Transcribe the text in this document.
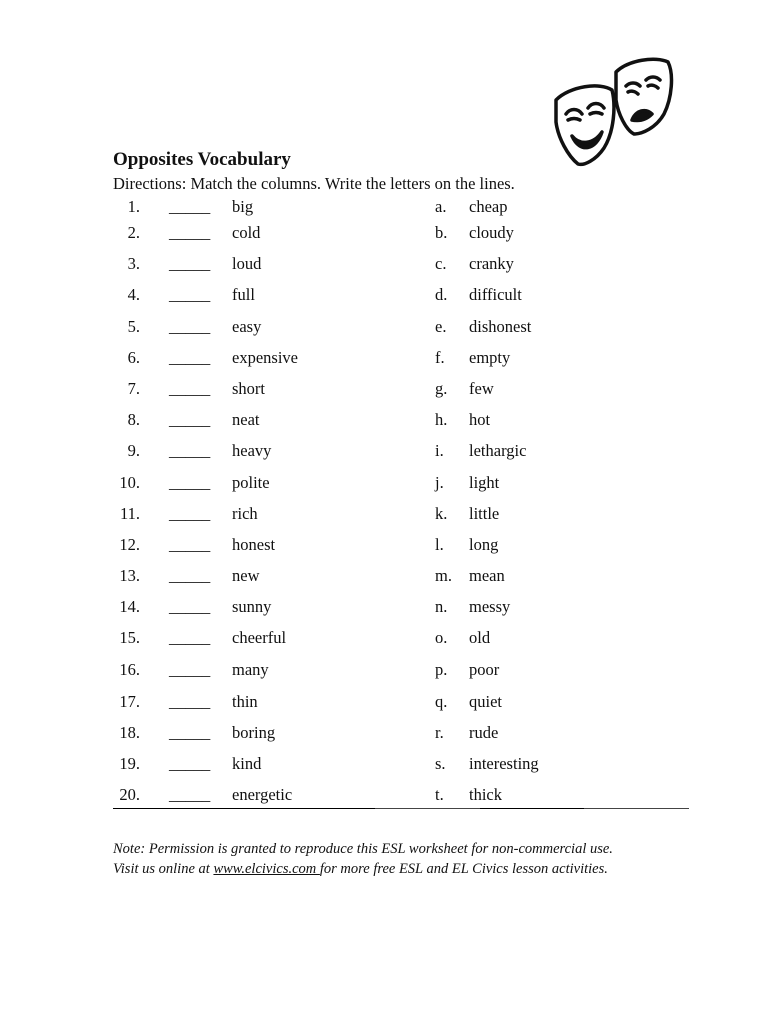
Opposites Vocabulary

Directions: Match the columns. Write the letters on the lines.

1. _____ big	a. cheap
2. _____ cold	b. cloudy
3. _____ loud	c. cranky
4. _____ full	d. difficult
5. _____ easy	e. dishonest
6. _____ expensive	f. empty
7. _____ short	g. few
8. _____ neat	h. hot
9. _____ heavy	i. lethargic
10. _____ polite	j. light
11. _____ rich	k. little
12. _____ honest	l. long
13. _____ new	m. mean
14. _____ sunny	n. messy
15. _____ cheerful	o. old
16. _____ many	p. poor
17. _____ thin	q. quiet
18. _____ boring	r. rude
19. _____ kind	s. interesting
20. _____ energetic	t. thick

Note: Permission is granted to reproduce this ESL worksheet for non-commercial use.
Visit us online at www.elcivics.com for more free ESL and EL Civics lesson activities.
